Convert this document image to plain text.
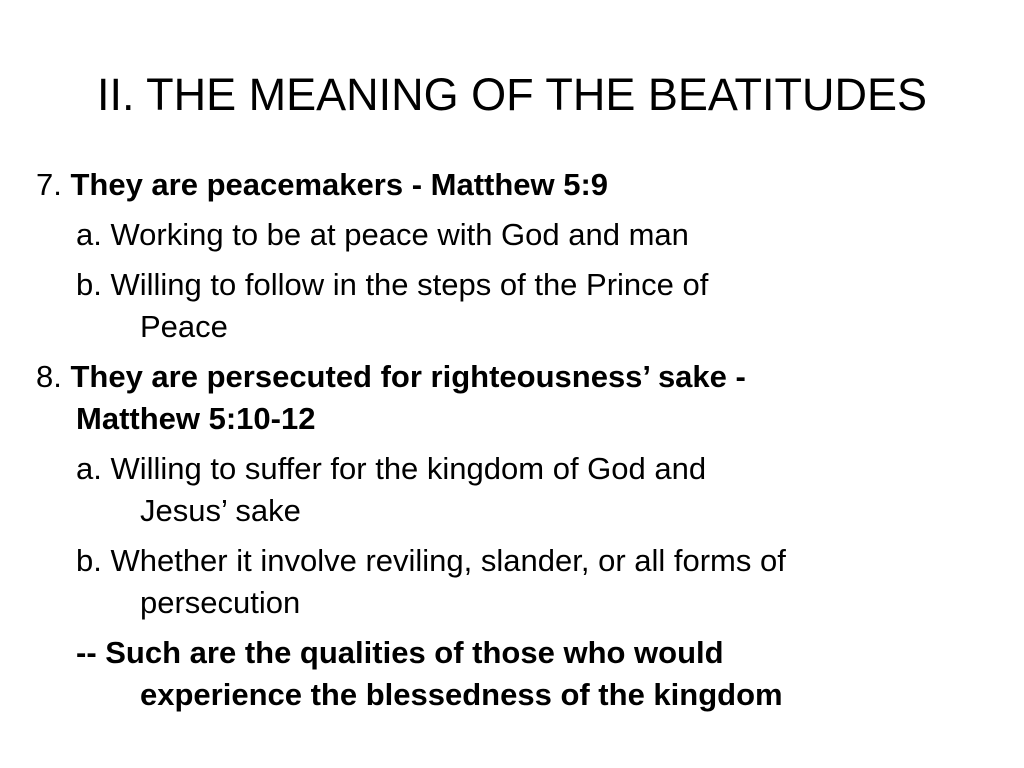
II. THE MEANING OF THE BEATITUDES
7. They are peacemakers - Matthew 5:9
a. Working to be at peace with God and man
b. Willing to follow in the steps of the Prince of
Peace
8. They are persecuted for righteousness’ sake -
Matthew 5:10-12
a. Willing to suffer for the kingdom of God and
Jesus’ sake
b. Whether it involve reviling, slander, or all forms of
persecution
-- Such are the qualities of those who would
experience the blessedness of the kingdom
